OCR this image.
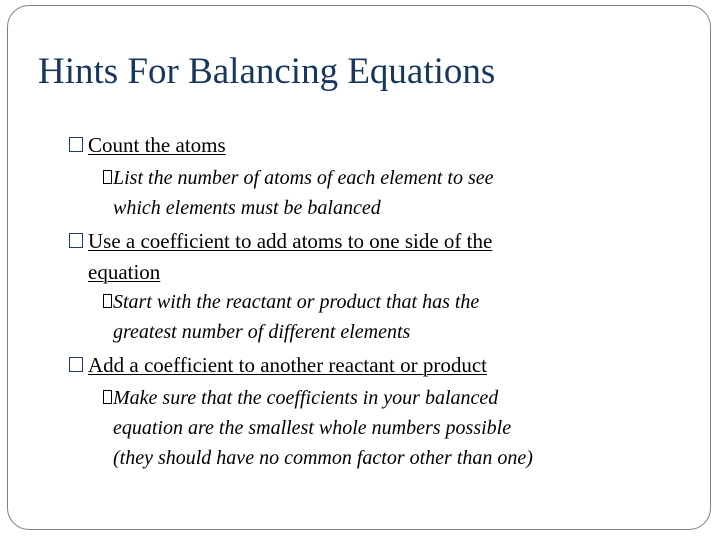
Hints For Balancing Equations
Count the atoms
List the number of atoms of each element to see
which elements must be balanced
Use a coefficient to add atoms to one side of the
equation
Start with the reactant or product that has the
greatest number of different elements
Add a coefficient to another reactant or product
Make sure that the coefficients in your balanced
equation are the smallest whole numbers possible
(they should have no common factor other than one)
